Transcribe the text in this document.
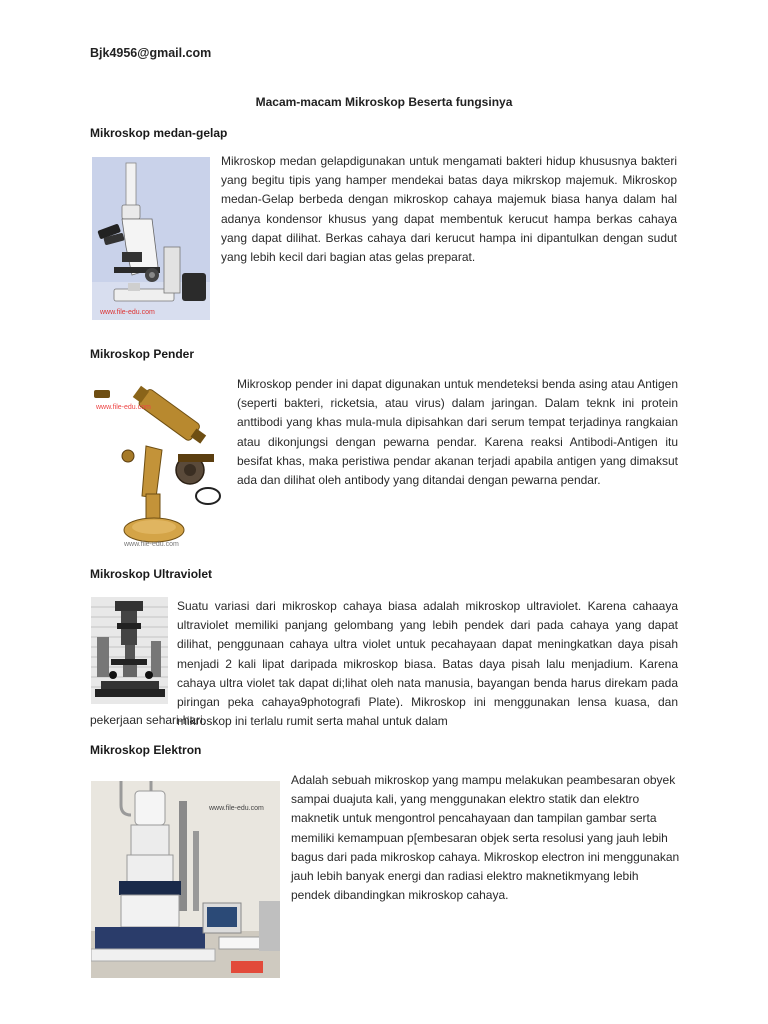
Bjk4956@gmail.com
Macam-macam Mikroskop Beserta fungsinya
Mikroskop medan-gelap
www.file-edu.com

Mikroskop medan gelapdigunakan untuk mengamati bakteri hidup khususnya bakteri yang begitu tipis yang hamper mendekai batas daya mikrskop majemuk. Mikroskop medan-Gelap berbeda dengan mikroskop cahaya majemuk biasa hanya dalam hal adanya kondensor khusus yang dapat membentuk kerucut hampa berkas cahaya yang dapat dilihat. Berkas cahaya dari kerucut hampa ini dipantulkan dengan sudut yang lebih kecil dari bagian atas gelas preparat.

Mikroskop Pender
www.file-edu.com
www.file-edu.com

Mikroskop pender ini dapat digunakan untuk mendeteksi benda asing atau Antigen (seperti bakteri, ricketsia, atau virus) dalam jaringan. Dalam teknk ini protein anttibodi yang khas mula-mula dipisahkan dari serum tempat terjadinya rangkaian atau dikonjungsi dengan pewarna pendar. Karena reaksi Antibodi-Antigen itu besifat khas, maka peristiwa pendar akanan terjadi apabila antigen yang dimaksut ada dan dilihat oleh antibody yang ditandai dengan pewarna pendar.

Mikroskop Ultraviolet

Suatu variasi dari mikroskop cahaya biasa adalah mikroskop ultraviolet. Karena cahaaya ultraviolet memiliki panjang gelombang yang lebih pendek dari pada cahaya yang dapat dilihat, penggunaan cahaya ultra violet untuk pecahayaan dapat meningkatkan daya pisah menjadi 2 kali lipat daripada mikroskop biasa. Batas daya pisah lalu menjadium. Karena cahaya ultra violet tak dapat di;lihat oleh nata manusia, bayangan benda harus direkam pada piringan peka cahaya9photografi Plate). Mikroskop ini menggunakan lensa kuasa, dan mikroskop ini terlalu rumit serta mahal untuk dalam

pekerjaan sehari-hari.

Mikroskop Elektron
www.file-edu.com

Adalah sebuah mikroskop yang mampu melakukan peambesaran obyek sampai duajuta kali, yang menggunakan elektro statik dan elektro maknetik untuk mengontrol pencahayaan dan tampilan gambar serta memiliki kemampuan p[embesaran objek serta resolusi yang jauh lebih bagus dari pada mikroskop cahaya. Mikroskop electron ini menggunakan jauh lebih banyak energi dan radiasi elektro maknetikmyang lebih pendek dibandingkan mikroskop cahaya.
